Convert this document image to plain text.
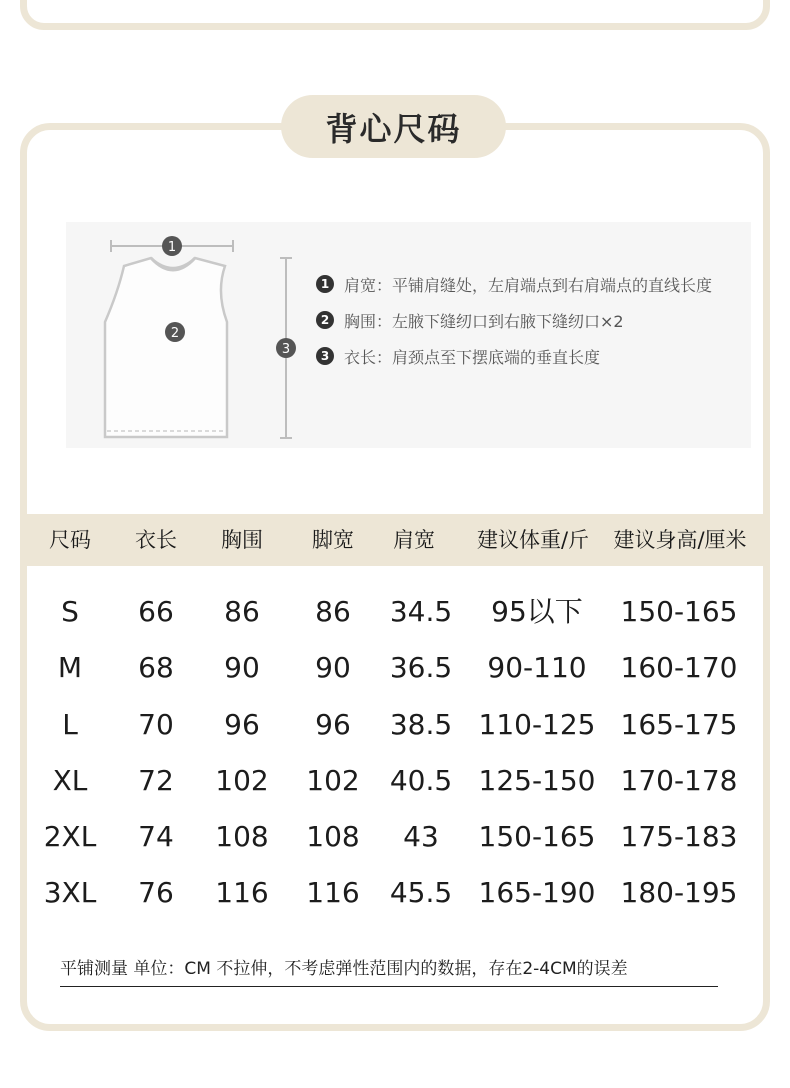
背心尺码
1
2
3
1 肩宽：平铺肩缝处，左肩端点到右肩端点的直线长度
2 胸围：左腋下缝纫口到右腋下缝纫口×2
3 衣长：肩颈点至下摆底端的垂直长度
尺码 衣长 胸围 脚宽 肩宽 建议体重/斤 建议身高/厘米
S 66 86 86 34.5 95以下 150-165
M 68 90 90 36.5 90-110 160-170
L 70 96 96 38.5 110-125 165-175
XL 72 102 102 40.5 125-150 170-178
2XL 74 108 108 43 150-165 175-183
3XL 76 116 116 45.5 165-190 180-195
平铺测量 单位：CM 不拉伸，不考虑弹性范围内的数据，存在2-4CM的误差
